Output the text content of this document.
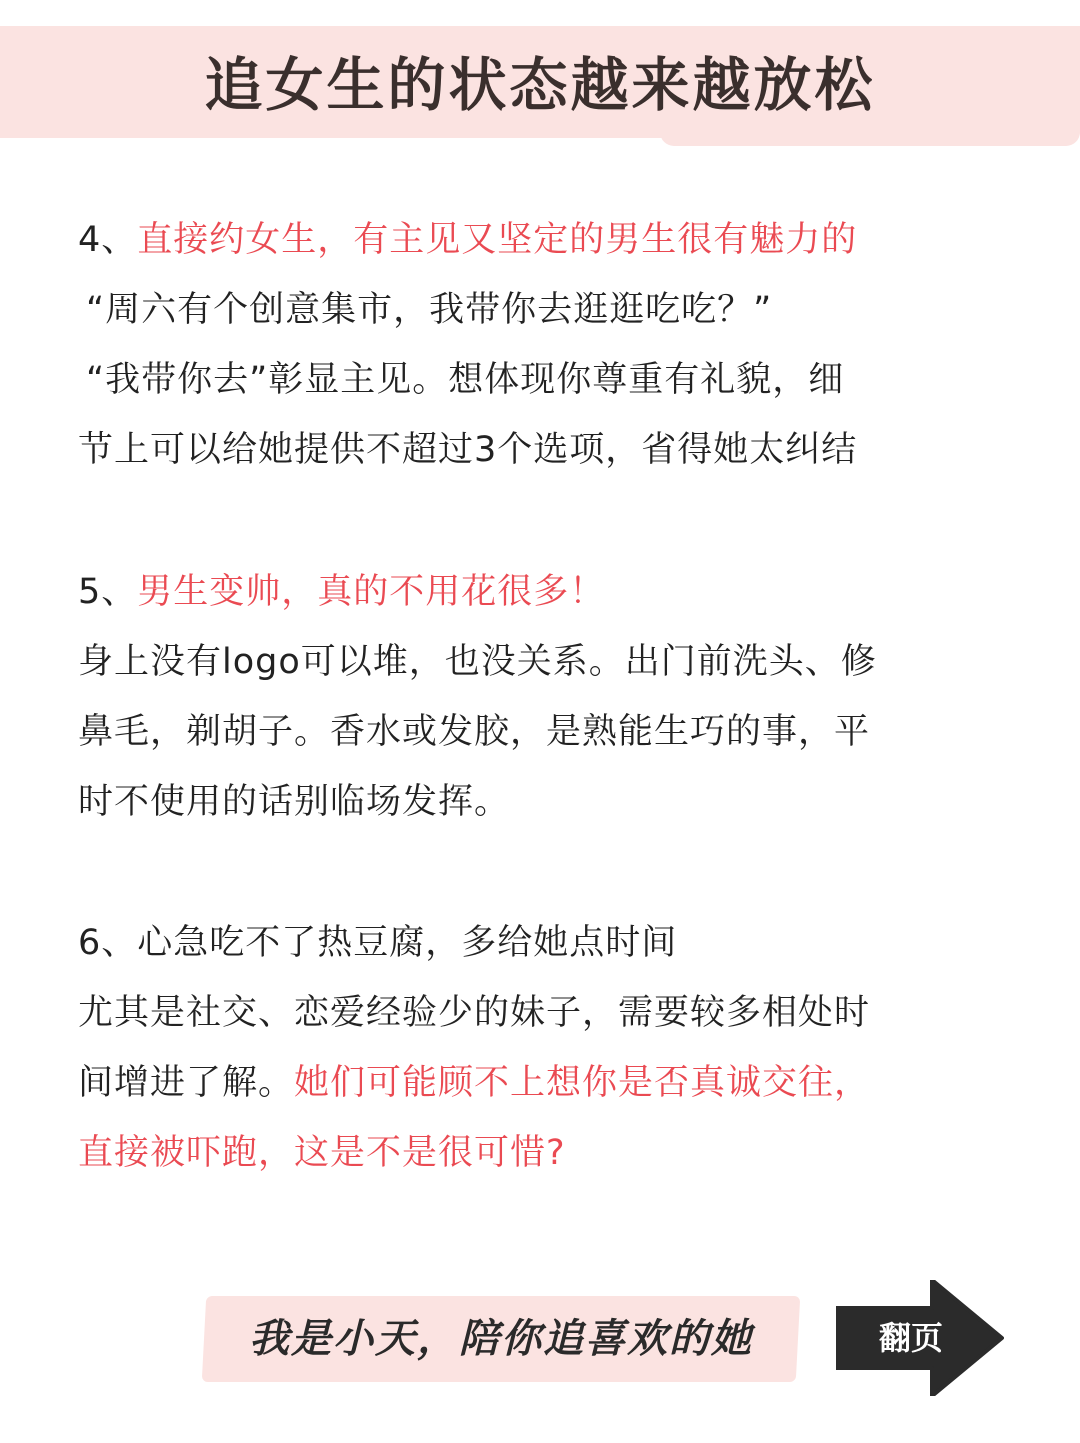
追女生的状态越来越放松

4、直接约女生，有主见又坚定的男生很有魅力的

“周六有个创意集市，我带你去逛逛吃吃？”

“我带你去”彰显主见。想体现你尊重有礼貌，细

节上可以给她提供不超过3个选项，省得她太纠结

5、男生变帅，真的不用花很多！

身上没有logo可以堆，也没关系。出门前洗头、修

鼻毛，剃胡子。香水或发胶，是熟能生巧的事，平

时不使用的话别临场发挥。

6、心急吃不了热豆腐，多给她点时间

尤其是社交、恋爱经验少的妹子，需要较多相处时

间增进了解。她们可能顾不上想你是否真诚交往，

直接被吓跑，这是不是很可惜?

我是小天，陪你追喜欢的她	翻页
